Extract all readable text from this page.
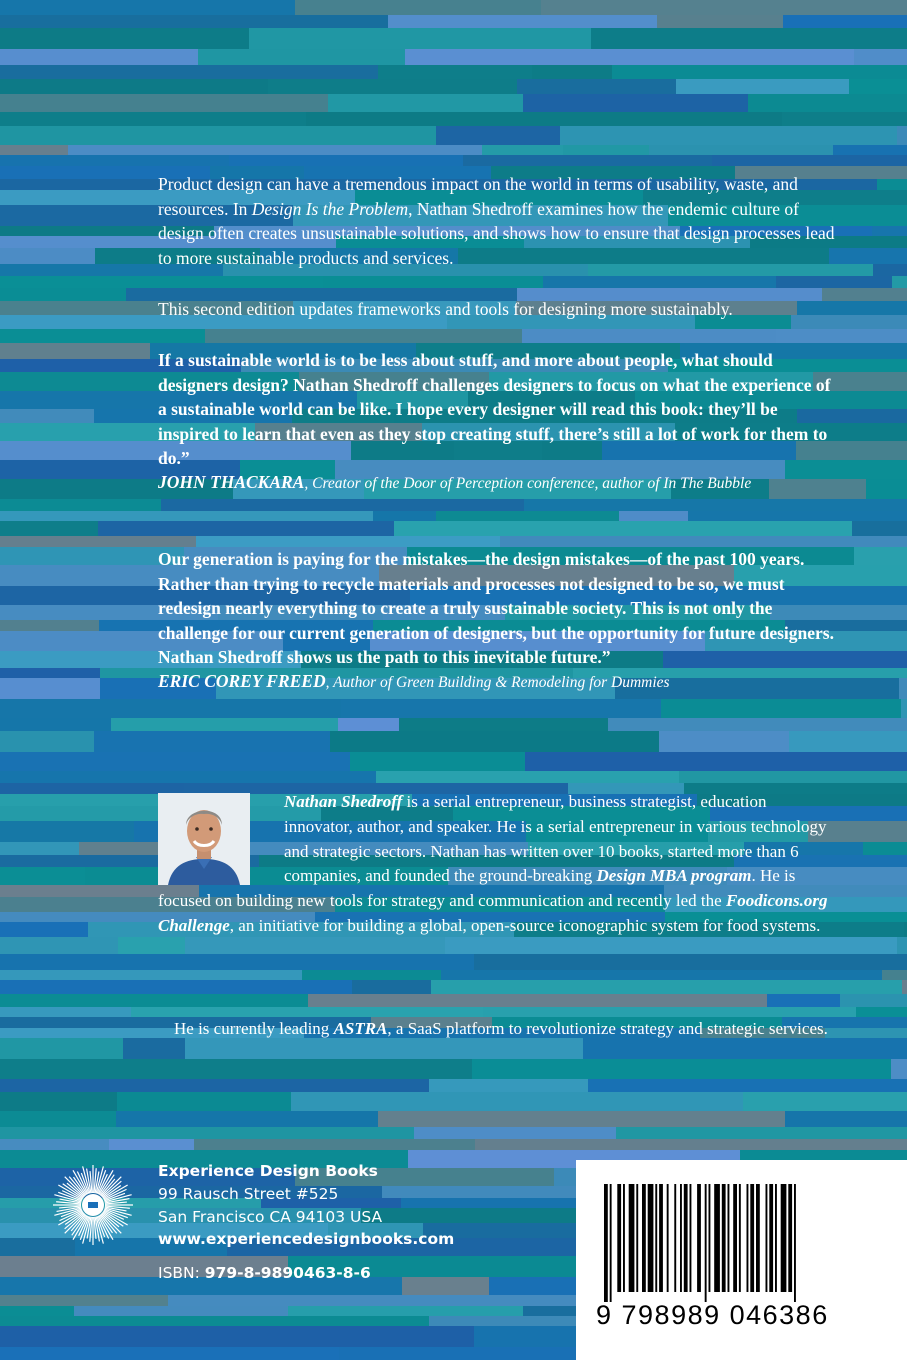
Product design can have a tremendous impact on the world in terms of usability, waste, and resources. In Design Is the Problem, Nathan Shedroff examines how the endemic culture of design often creates unsustainable solutions, and shows how to ensure that design processes lead to more sustainable products and services.

This second edition updates frameworks and tools for designing more sustainably.

If a sustainable world is to be less about stuff, and more about people, what should designers design? Nathan Shedroff challenges designers to focus on what the experience of a sustainable world can be like. I hope every designer will read this book: they’ll be inspired to learn that even as they stop creating stuff, there’s still a lot of work for them to do.”

JOHN THACKARA, Creator of the Door of Perception conference, author of In The Bubble

Our generation is paying for the mistakes—the design mistakes—of the past 100 years. Rather than trying to recycle materials and processes not designed to be so, we must redesign nearly everything to create a truly sustainable society. This is not only the challenge for our current generation of designers, but the opportunity for future designers. Nathan Shedroff shows us the path to this inevitable future.”

ERIC COREY FREED, Author of Green Building & Remodeling for Dummies

Nathan Shedroff is a serial entrepreneur, business strategist, education innovator, author, and speaker. He is a serial entrepreneur in various technology and strategic sectors. Nathan has written over 10 books, started more than 6 companies, and founded the ground-breaking Design MBA program. He is focused on building new tools for strategy and communication and recently led the Foodicons.org Challenge, an initiative for building a global, open-source iconographic system for food systems.

He is currently leading ASTRA, a SaaS platform to revolutionize strategy and strategic services.

Experience Design Books
99 Rausch Street #525
San Francisco CA 94103 USA
www.experiencedesignbooks.com
ISBN: 979-8-9890463-8-6
9 798989 046386
